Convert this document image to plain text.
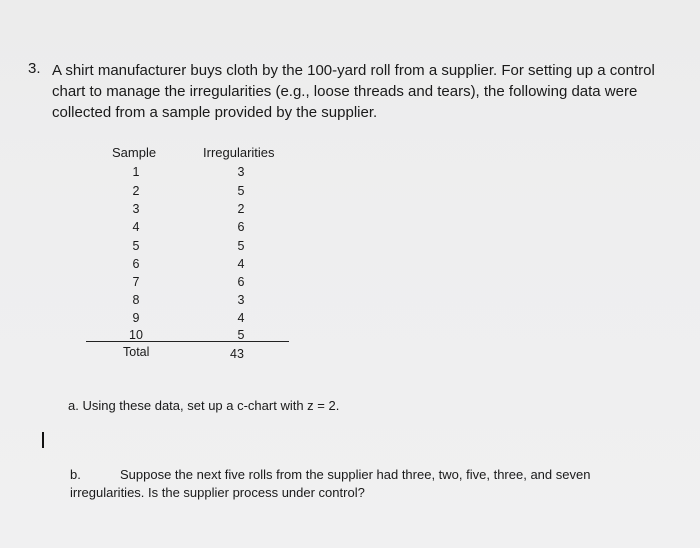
3. A shirt manufacturer buys cloth by the 100-yard roll from a supplier. For setting up a control
chart to manage the irregularities (e.g., loose threads and tears), the following data were
collected from a sample provided by the supplier.
Sample	Irregularities
1	3
2	5
3	2
4	6
5	5
6	4
7	6
8	3
9	4
10	5
Total	43
a. Using these data, set up a c-chart with z = 2.
b.	Suppose the next five rolls from the supplier had three, two, five, three, and seven
irregularities. Is the supplier process under control?
